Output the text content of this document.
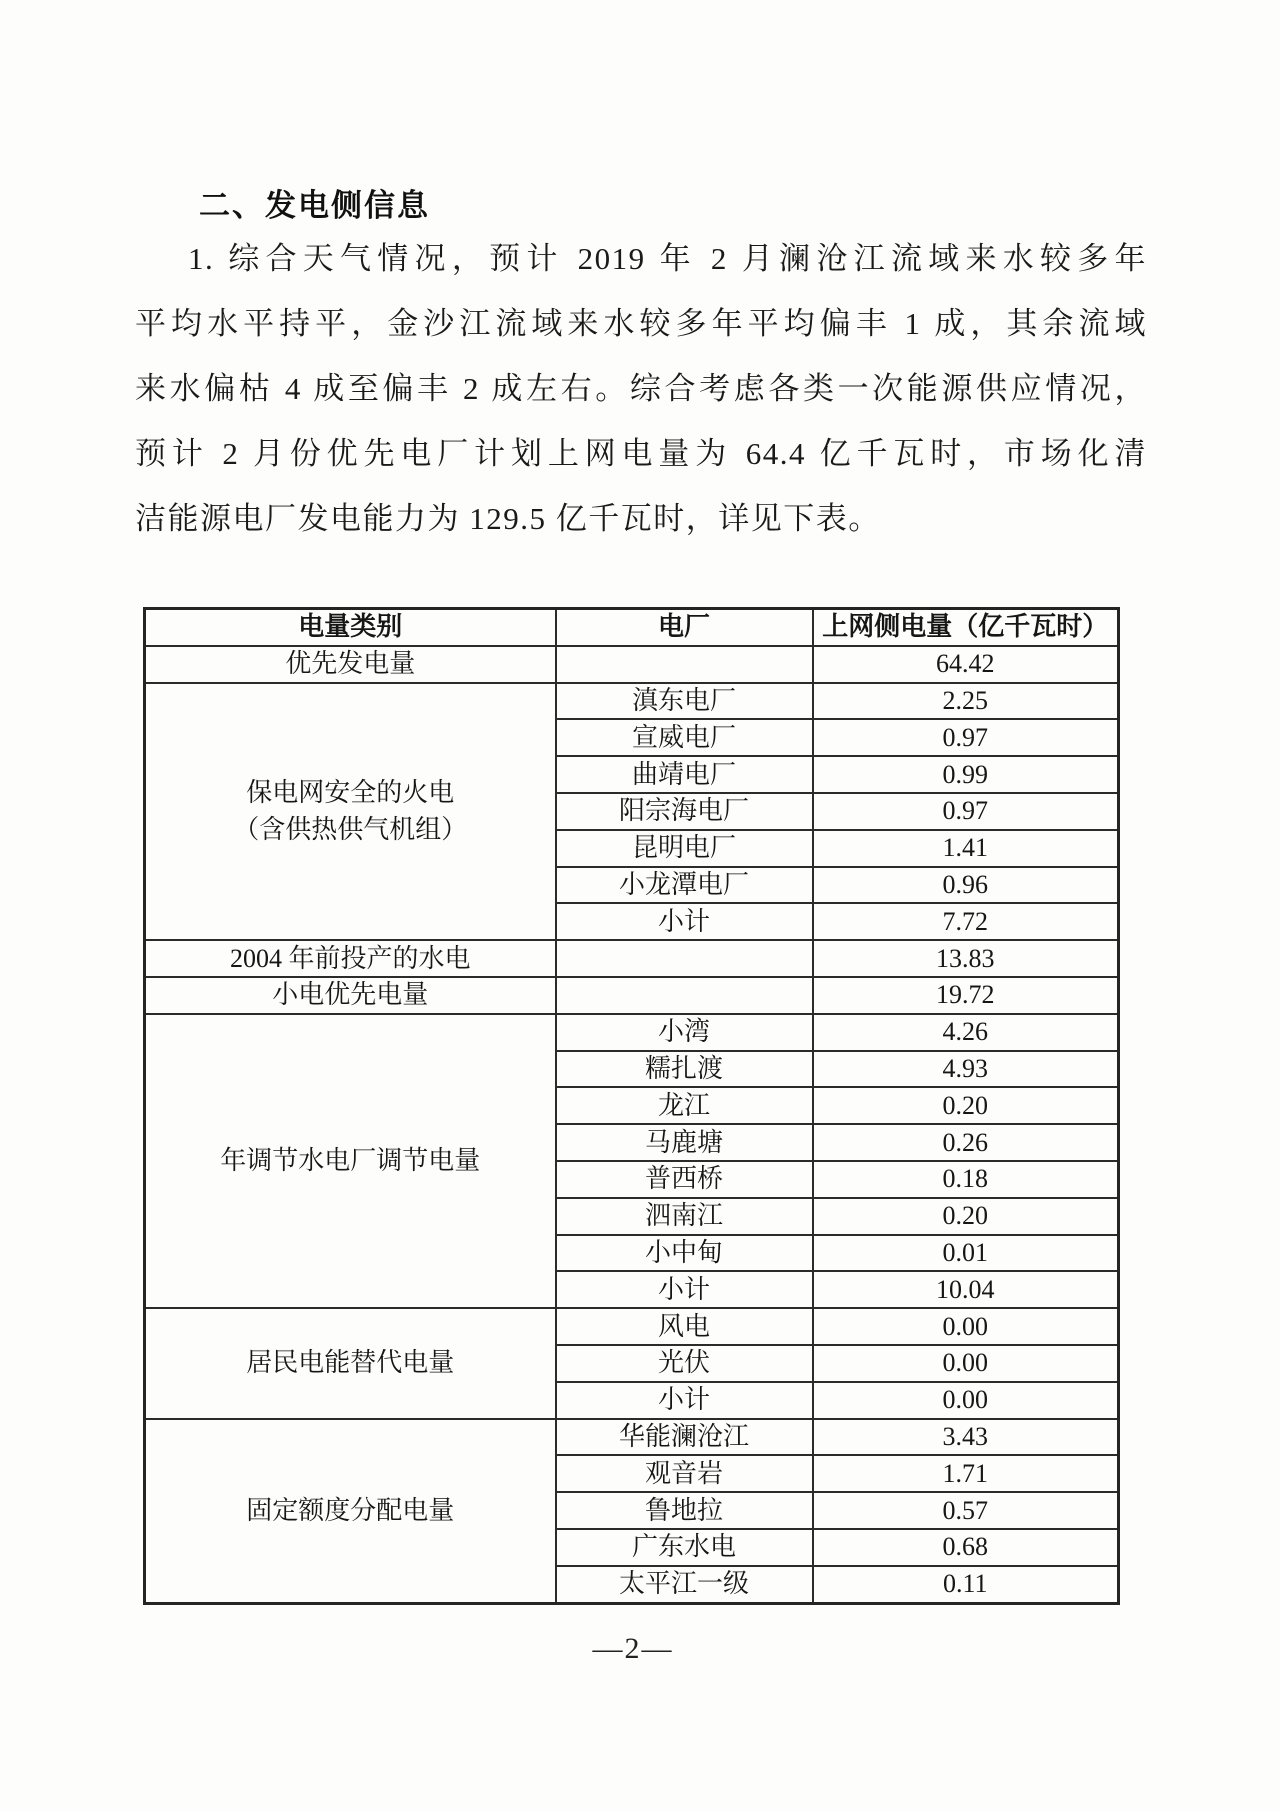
二、发电侧信息
1. 综合天气情况，预计 2019 年 2 月澜沧江流域来水较多年
平均水平持平，金沙江流域来水较多年平均偏丰 1 成，其余流域
来水偏枯 4 成至偏丰 2 成左右。综合考虑各类一次能源供应情况，
预计 2 月份优先电厂计划上网电量为 64.4 亿千瓦时，市场化清
洁能源电厂发电能力为 129.5 亿千瓦时，详见下表。
电量类别	电厂	上网侧电量（亿千瓦时）
优先发电量		64.42

保电网安全的火电
（含供热供气机组）	滇东电厂	2.25
	宣威电厂	0.97
	曲靖电厂	0.99
	阳宗海电厂	0.97
	昆明电厂	1.41
	小龙潭电厂	0.96
	小计	7.72
2004 年前投产的水电		13.83
小电优先电量		19.72
年调节水电厂调节电量	小湾	4.26
	糯扎渡	4.93
	龙江	0.20
	马鹿塘	0.26
	普西桥	0.18
	泗南江	0.20
	小中甸	0.01
	小计	10.04
居民电能替代电量	风电	0.00
	光伏	0.00
	小计	0.00
固定额度分配电量	华能澜沧江	3.43
	观音岩	1.71
	鲁地拉	0.57
	广东水电	0.68
	太平江一级	0.11
—2—
